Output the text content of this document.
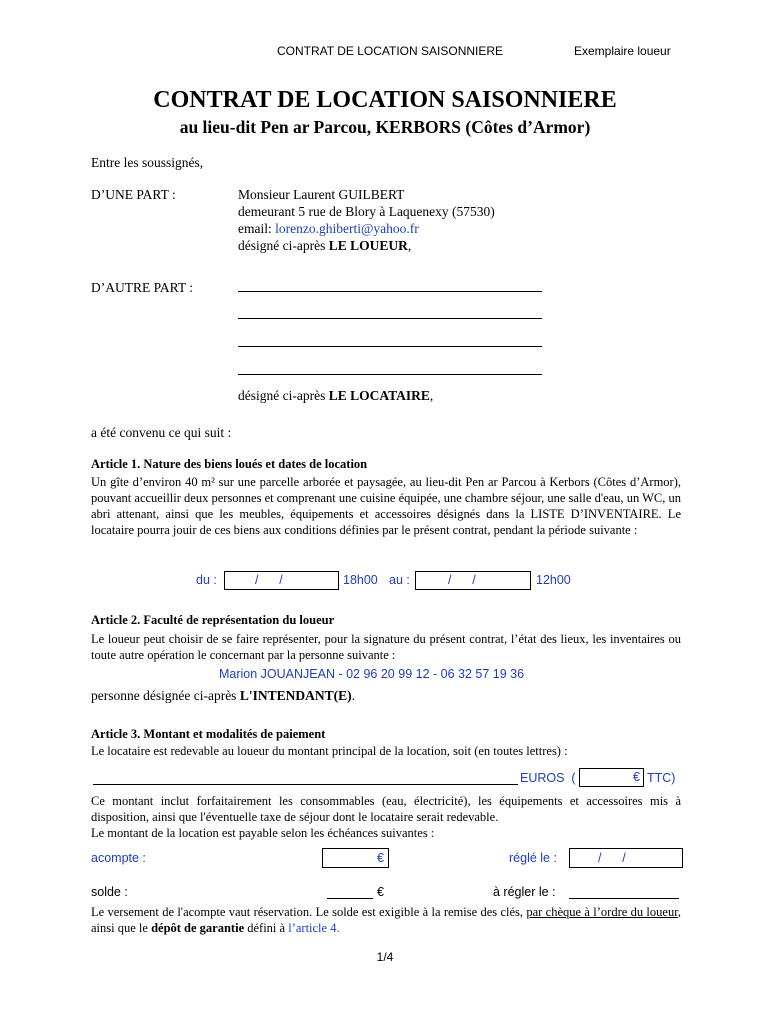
CONTRAT DE LOCATION SAISONNIERE	Exemplaire loueur
CONTRAT DE LOCATION SAISONNIERE
au lieu-dit Pen ar Parcou, KERBORS (Côtes d’Armor)
Entre les soussignés,
D’UNE PART :	Monsieur Laurent GUILBERT
demeurant 5 rue de Blory à Laquenexy (57530)
email: lorenzo.ghiberti@yahoo.fr
désigné ci-après LE LOUEUR,
D’AUTRE PART :
désigné ci-après LE LOCATAIRE,
a été convenu ce qui suit :
Article 1. Nature des biens loués et dates de location
Un gîte d’environ 40 m² sur une parcelle arborée et paysagée, au lieu-dit Pen ar Parcou à Kerbors (Côtes d’Armor), pouvant accueillir deux personnes et comprenant une cuisine équipée, une chambre séjour, une salle d'eau, un WC, un abri attenant, ainsi que les meubles, équipements et accessoires désignés dans la LISTE D’INVENTAIRE. Le locataire pourra jouir de ces biens aux conditions définies par le présent contrat, pendant la période suivante :
du :	/      /	18h00 au :	/      /	12h00
Article 2. Faculté de représentation du loueur
Le loueur peut choisir de se faire représenter, pour la signature du présent contrat, l’état des lieux, les inventaires ou toute autre opération le concernant par la personne suivante :
Marion JOUANJEAN - 02 96 20 99 12 - 06 32 57 19 36
personne désignée ci-après L'INTENDANT(E).
Article 3. Montant et modalités de paiement
Le locataire est redevable au loueur du montant principal de la location, soit (en toutes lettres) :
EUROS  (	€ TTC)
Ce montant inclut forfaitairement les consommables (eau, électricité), les équipements et accessoires mis à disposition, ainsi que l'éventuelle taxe de séjour dont le locataire serait redevable.
Le montant de la location est payable selon les échéances suivantes :
acompte :	€	réglé le :	/      /
solde :	€	à régler le :
Le versement de l'acompte vaut réservation. Le solde est exigible à la remise des clés, par chèque à l’ordre du loueur, ainsi que le dépôt de garantie défini à l’article 4.
1/4
